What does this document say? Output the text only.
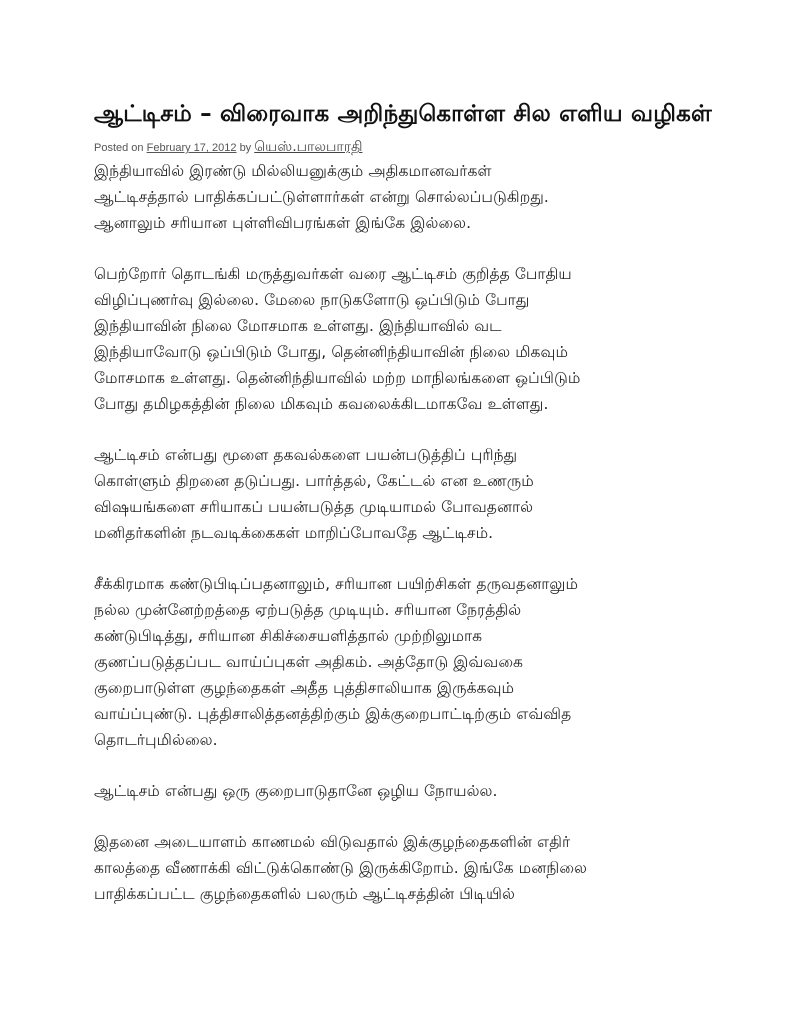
ஆட்டிசம் – விரைவாக அறிந்துகொள்ள சில எளிய வழிகள்
Posted on February 17, 2012 by யெஸ்.பாலபாரதி

இந்தியாவில் இரண்டு மில்லியனுக்கும் அதிகமானவர்கள்
ஆட்டிசத்தால் பாதிக்கப்பட்டுள்ளார்கள் என்று சொல்லப்படுகிறது.
ஆனாலும் சரியான புள்ளிவிபரங்கள் இங்கே இல்லை.

பெற்றோர் தொடங்கி மருத்துவர்கள் வரை ஆட்டிசம் குறித்த போதிய
விழிப்புணர்வு இல்லை. மேலை நாடுகளோடு ஒப்பிடும் போது
இந்தியாவின் நிலை மோசமாக உள்ளது. இந்தியாவில் வட
இந்தியாவோடு ஒப்பிடும் போது, தென்னிந்தியாவின் நிலை மிகவும்
மோசமாக உள்ளது. தென்னிந்தியாவில் மற்ற மாநிலங்களை ஒப்பிடும்
போது தமிழகத்தின் நிலை மிகவும் கவலைக்கிடமாகவே உள்ளது.

ஆட்டிசம் என்பது மூளை தகவல்களை பயன்படுத்திப் புரிந்து
கொள்ளும் திறனை தடுப்பது. பார்த்தல், கேட்டல் என உணரும்
விஷயங்களை சரியாகப் பயன்படுத்த முடியாமல் போவதனால்
மனிதர்களின் நடவடிக்கைகள் மாறிப்போவதே ஆட்டிசம்.

சீக்கிரமாக கண்டுபிடிப்பதனாலும், சரியான பயிற்சிகள் தருவதனாலும்
நல்ல முன்னேற்றத்தை ஏற்படுத்த முடியும். சரியான நேரத்தில்
கண்டுபிடித்து, சரியான சிகிச்சையளித்தால் முற்றிலுமாக
குணப்படுத்தப்பட வாய்ப்புகள் அதிகம். அத்தோடு இவ்வகை
குறைபாடுள்ள குழந்தைகள் அதீத புத்திசாலியாக இருக்கவும்
வாய்ப்புண்டு. புத்திசாலித்தனத்திற்கும் இக்குறைபாட்டிற்கும் எவ்வித
தொடர்புமில்லை.

ஆட்டிசம் என்பது ஒரு குறைபாடுதானே ஒழிய நோயல்ல.

இதனை அடையாளம் காணமல் விடுவதால் இக்குழந்தைகளின் எதிர்
காலத்தை வீணாக்கி விட்டுக்கொண்டு இருக்கிறோம். இங்கே மனநிலை
பாதிக்கப்பட்ட குழந்தைகளில் பலரும் ஆட்டிசத்தின் பிடியில்
